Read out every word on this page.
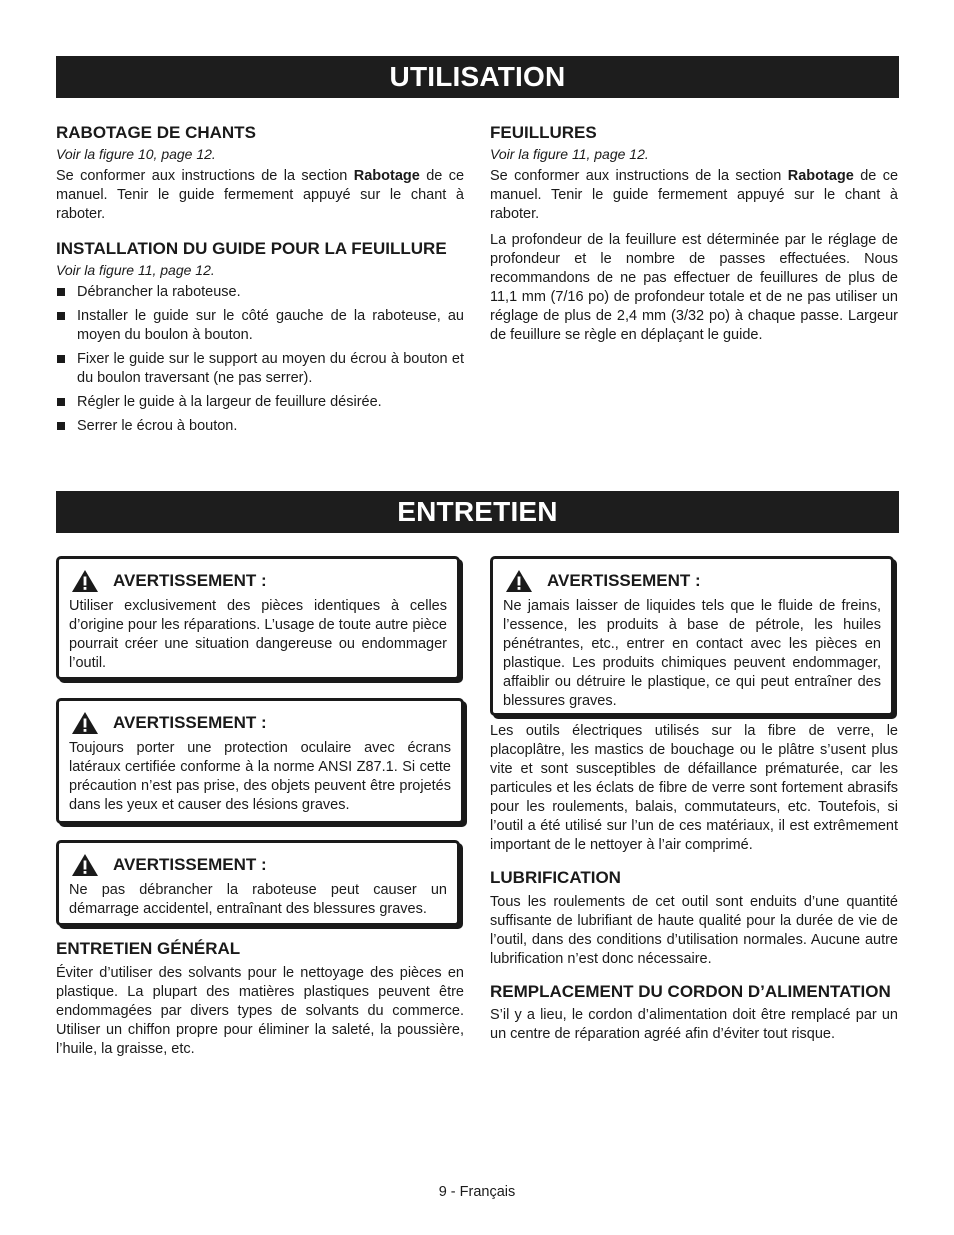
UTILISATION
RABOTAGE DE CHANTS
Voir la figure 10, page 12.

Se conformer aux instructions de la section Rabotage de ce manuel. Tenir le guide fermement appuyé sur le chant à raboter.

INSTALLATION DU GUIDE POUR LA FEUILLURE
Voir la figure 11, page 12.
Débrancher la raboteuse.
Installer le guide sur le côté gauche de la raboteuse, au moyen du boulon à bouton.
Fixer le guide sur le support au moyen du écrou à bouton et du boulon traversant (ne pas serrer).
Régler le guide à la largeur de feuillure désirée.
Serrer le écrou à bouton.
FEUILLURES
Voir la figure 11, page 12.

Se conformer aux instructions de la section Rabotage de ce manuel. Tenir le guide fermement appuyé sur le chant à raboter.

La profondeur de la feuillure est déterminée par le réglage de profondeur et le nombre de passes effectuées. Nous recommandons de ne pas effectuer de feuillures de plus de 11,1 mm (7/16 po) de profondeur totale et de ne pas utiliser un réglage de plus de 2,4 mm (3/32 po) à chaque passe. Largeur de feuillure se règle en déplaçant le guide.

ENTRETIEN
AVERTISSEMENT :

Utiliser exclusivement des pièces identiques à celles d’origine pour les réparations. L’usage de toute autre pièce pourrait créer une situation dangereuse ou endommager l’outil.

AVERTISSEMENT :

Toujours porter une protection oculaire avec écrans latéraux certifiée conforme à la norme ANSI Z87.1. Si cette précaution n’est pas prise, des objets peuvent être projetés dans les yeux et causer des lésions graves.

AVERTISSEMENT :

Ne pas débrancher la raboteuse peut causer un démarrage accidentel, entraînant des blessures graves.

ENTRETIEN GÉNÉRAL

Éviter d’utiliser des solvants pour le nettoyage des pièces en plastique. La plupart des matières plastiques peuvent être endommagées par divers types de solvants du commerce. Utiliser un chiffon propre pour éliminer la saleté, la poussière, l’huile, la graisse, etc.

AVERTISSEMENT :

Ne jamais laisser de liquides tels que le fluide de freins, l’essence, les produits à base de pétrole, les huiles pénétrantes, etc., entrer en contact avec les pièces en plastique. Les produits chimiques peuvent endommager, affaiblir ou détruire le plastique, ce qui peut entraîner des blessures graves.

Les outils électriques utilisés sur la fibre de verre, le placoplâtre, les mastics de bouchage ou le plâtre s’usent plus vite et sont susceptibles de défaillance prématurée, car les particules et les éclats de fibre de verre sont fortement abrasifs pour les roulements, balais, commutateurs, etc. Toutefois, si l’outil a été utilisé sur l’un de ces matériaux, il est extrêmement important de le nettoyer à l’air comprimé.

LUBRIFICATION

Tous les roulements de cet outil sont enduits d’une quantité suffisante de lubrifiant de haute qualité pour la durée de vie de l’outil, dans des conditions d’utilisation normales. Aucune autre lubrification n’est donc nécessaire.

REMPLACEMENT DU CORDON D’ALIMENTATION

S’il y a lieu, le cordon d’alimentation doit être remplacé par un un centre de réparation agréé afin d’éviter tout risque.

9 - Français
